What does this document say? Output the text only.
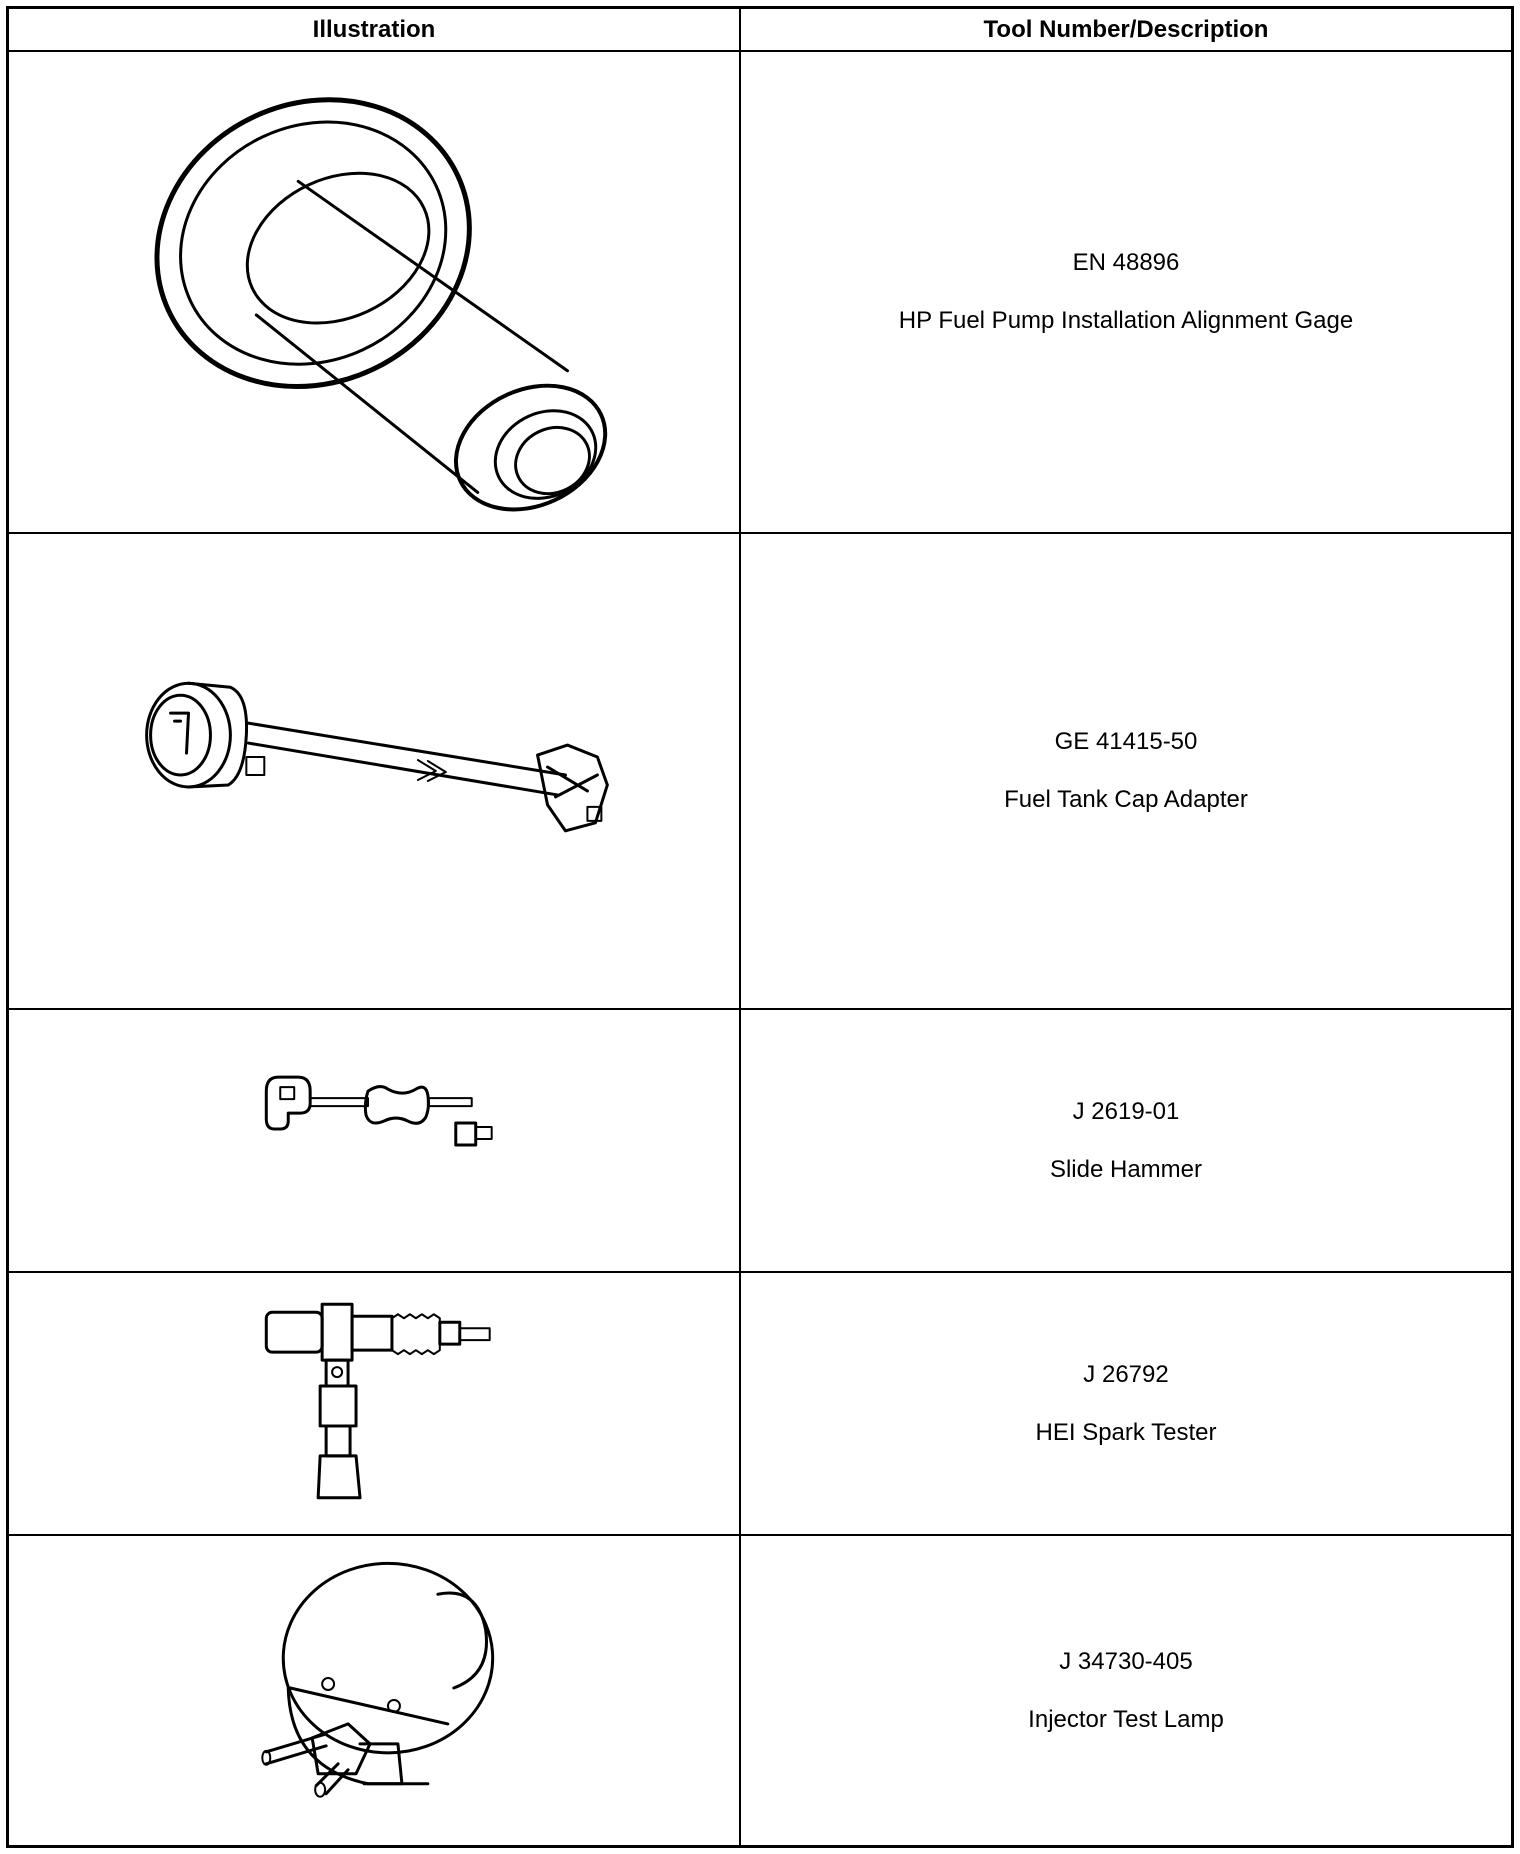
Illustration	Tool Number/Description
EN 48896
HP Fuel Pump Installation Alignment Gage
GE 41415-50
Fuel Tank Cap Adapter
J 2619-01
Slide Hammer
J 26792
HEI Spark Tester
J 34730-405
Injector Test Lamp
